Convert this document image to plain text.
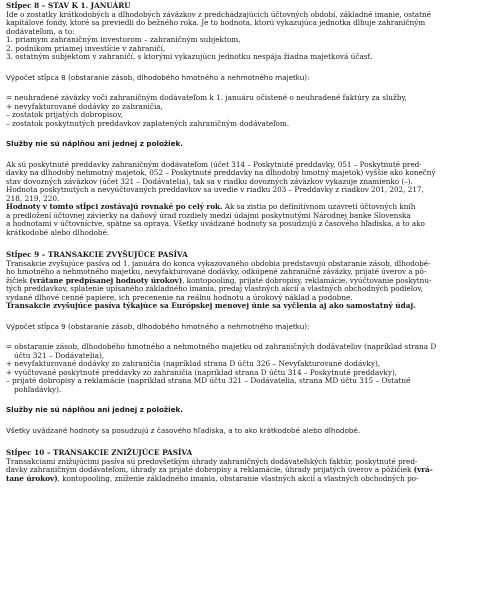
Stĺpec 8 – STAV K 1. JANUÁRU
Ide o zostatky krátkodobých a dlhodobých záväzkov z predchádzajúcich účtovných období, základné imanie, ostatné
kapitálové fondy, ktoré sa previedli do bežného roka. Je to hodnota, ktorú vykazujúca jednotka dlhuje zahraničným
dodávateľom, a to:
1. priamym zahraničným investorom – zahraničným subjektom,
2. podnikom priamej investície v zahraničí,
3. ostatným subjektom v zahraničí, s ktorými vykazujúcu jednotku nespája žiadna majetková účasť.
Výpočet stĺpca 8 (obstaranie zásob, dlhodobého hmotného a nehmotného majetku):
= neuhradené záväzky voči zahraničným dodávateľom k 1. januáru očistené o neuhradené faktúry za služby,
+ nevyfakturované dodávky zo zahraničia,
– zostatok prijatých dobropisov,
– zostatok poskytnutých preddavkov zaplatených zahraničným dodávateľom.
Služby nie sú náplňou ani jednej z položiek.
Ak sú poskytnuté preddavky zahraničným dodávateľom (účet 314 – Poskytnuté preddavky, 051 – Poskytnuté pred-
davky na dlhodobý nehmotný majetok, 052 – Poskytnuté preddavky na dlhodobý hmotný majetok) vyššie ako konečný
stav dovozných záväzkov (účet 321 – Dodávatelia), tak sa v riadku dovozných záväzkov vykazuje znamienko (–).
Hodnota poskytnutých a nevyúčtovaných preddavkov sa uvedie v riadku 203 – Preddavky z riadkov 201, 202, 217,
218, 219, 220.
Hodnoty v tomto stĺpci zostávajú rovnaké po celý rok. Ak sa zistia po definitívnom uzavretí účtovných kníh
a predložení účtovnej závierky na daňový úrad rozdiely medzi údajmi poskytnutými Národnej banke Slovenska
a hodnotami v účtovníctve, spätne sa oprava. Všetky uvádzané hodnoty sa posudzujú z časového hľadiska, a to ako
krátkodobé alebo dlhodobé.
Stĺpec 9 – TRANSAKCIE ZVYŠUJÚCE PASÍVA
Transakcie zvyšujúce pasíva od 1. januára do konca vykazovaného obdobia predstavujú obstaranie zásob, dlhodobé-
ho hmotného a nehmotného majetku, nevyfakturované dodávky, odkúpené zahraničné záväzky, prijaté úverov a pô-
žičiek (vrátane predpísanej hodnoty úrokov), kontopooling, prijaté dobropisy, reklamácie, vyúčtovanie poskytnu-
tých preddavkov, splatenie upísaného základného imania, predaj vlastných akcií a vlastných obchodných podielov,
vydané dlhové cenné papiere, ich precenenie na reálnu hodnotu a úrokový náklad a podobne.
Transakcie zvyšujúce pasíva týkajúce sa Európskej menovej únie sa vyčlenia aj ako samostatný údaj.
Výpočet stĺpca 9 (obstaranie zásob, dlhodobého hmotného a nehmotného majetku):
= obstaranie zásob, dlhodobého hmotného a nehmotného majetku od zahraničných dodávateľov (napríklad strana D
účtu 321 – Dodávatelia),
+ nevyfakturované dodávky zo zahraničia (napríklad strana D účtu 326 – Nevyfakturované dodávky),
+ vyúčtované poskytnuté preddavky zo zahraničia (napríklad strana D účtu 314 – Poskytnuté preddavky),
– prijaté dobropisy a reklamácie (napríklad strana MD účtu 321 – Dodávatelia, strana MD účtu 315 – Ostatné
pohľadávky).
Služby nie sú náplňou ani jednej z položiek.
Všetky uvádzané hodnoty sa posudzujú z časového hľadiska, a to ako krátkodobé alebo dlhodobé.
Stĺpec 10 – TRANSAKCIE ZNIŽUJÚCE PASÍVA
Transakciami znižujúcimi pasíva sú predovšetkým úhrady zahraničných dodávateľských faktúr, poskytnuté pred-
davky zahraničným dodávateľom, úhrady za prijaté dobropisy a reklamácie, úhrady prijatých úverov a pôžičiek (vrá-
tane úrokov), kontopooling, zníženie základného imania, obstaranie vlastných akcií a vlastných obchodných po-
